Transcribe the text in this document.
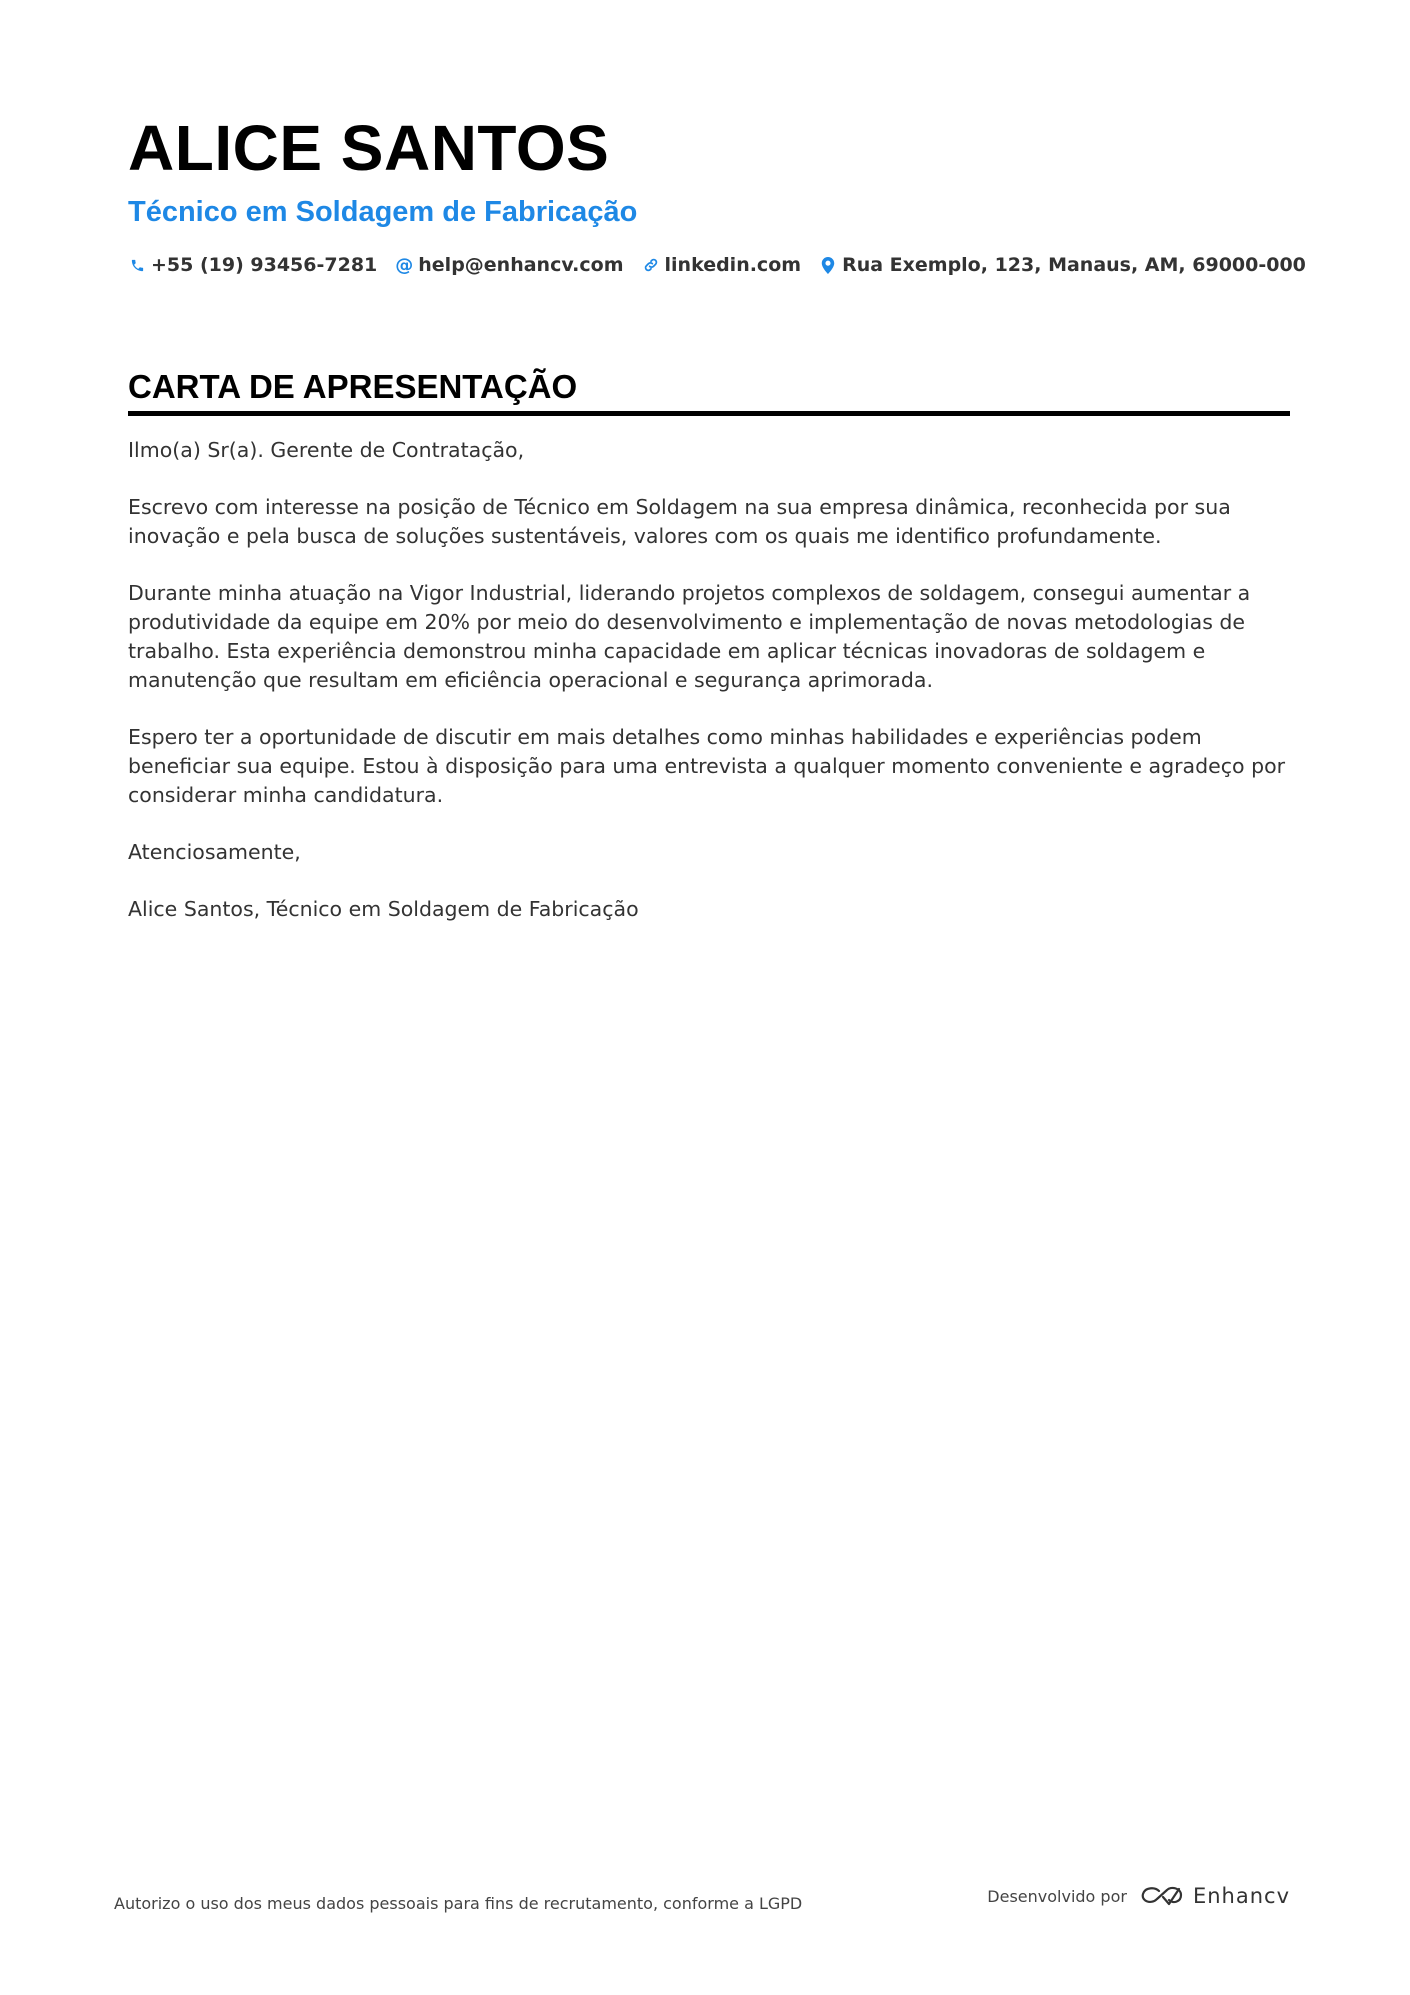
ALICE SANTOS
Técnico em Soldagem de Fabricação
+55 (19) 93456-7281 @ help@enhancv.com linkedin.com Rua Exemplo, 123, Manaus, AM, 69000-000
CARTA DE APRESENTAÇÃO

Ilmo(a) Sr(a). Gerente de Contratação,

Escrevo com interesse na posição de Técnico em Soldagem na sua empresa dinâmica, reconhecida por sua inovação e pela busca de soluções sustentáveis, valores com os quais me identifico profundamente.

Durante minha atuação na Vigor Industrial, liderando projetos complexos de soldagem, consegui aumentar a produtividade da equipe em 20% por meio do desenvolvimento e implementação de novas metodologias de trabalho. Esta experiência demonstrou minha capacidade em aplicar técnicas inovadoras de soldagem e manutenção que resultam em eficiência operacional e segurança aprimorada.

Espero ter a oportunidade de discutir em mais detalhes como minhas habilidades e experiências podem beneficiar sua equipe. Estou à disposição para uma entrevista a qualquer momento conveniente e agradeço por considerar minha candidatura.

Atenciosamente,

Alice Santos, Técnico em Soldagem de Fabricação

Autorizo o uso dos meus dados pessoais para fins de recrutamento, conforme a LGPD	Desenvolvido por	Enhancv
